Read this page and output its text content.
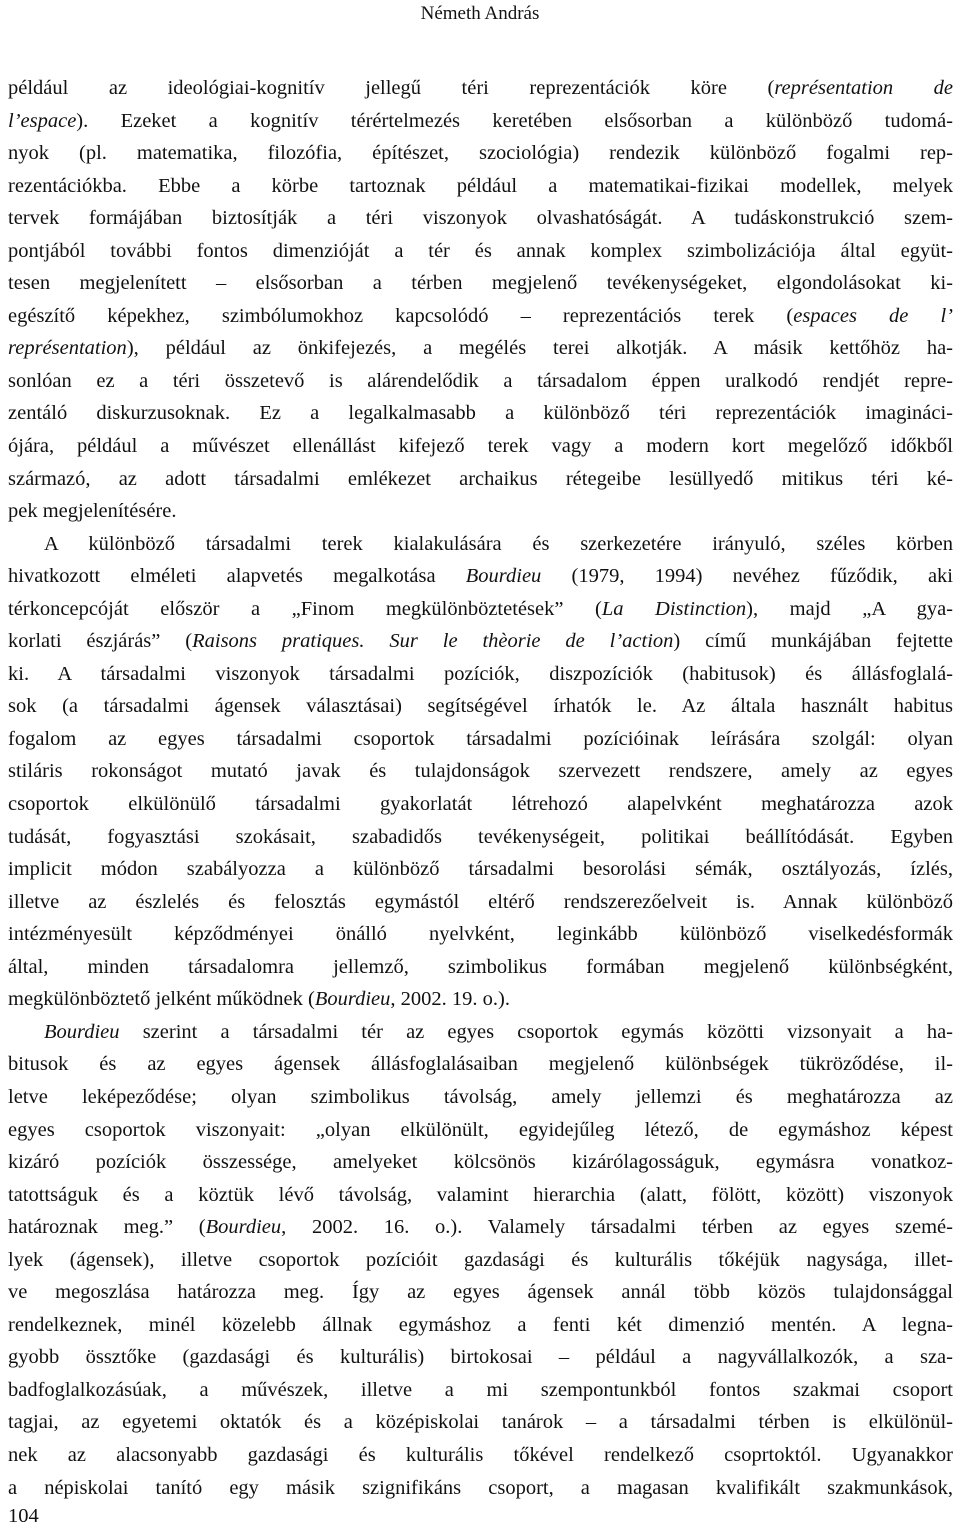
Németh András
például az ideológiai-kognitív jellegű téri reprezentációk köre (représentation de
l’espace). Ezeket a kognitív térértelmezés keretében elsősorban a különböző tudomá-
nyok (pl. matematika, filozófia, építészet, szociológia) rendezik különböző fogalmi rep-
rezentációkba. Ebbe a körbe tartoznak például a matematikai-fizikai modellek, melyek
tervek formájában biztosítják a téri viszonyok olvashatóságát. A tudáskonstrukció szem-
pontjából további fontos dimenzióját a tér és annak komplex szimbolizációja által együt-
tesen megjelenített – elsősorban a térben megjelenő tevékenységeket, elgondolásokat ki-
egészítő képekhez, szimbólumokhoz kapcsolódó – reprezentációs terek (espaces de l’
représentation), például az önkifejezés, a megélés terei alkotják. A másik kettőhöz ha-
sonlóan ez a téri összetevő is alárendelődik a társadalom éppen uralkodó rendjét repre-
zentáló diskurzusoknak. Ez a legalkalmasabb a különböző téri reprezentációk imagináci-
ójára, például a művészet ellenállást kifejező terek vagy a modern kort megelőző időkből
származó, az adott társadalmi emlékezet archaikus rétegeibe lesüllyedő mitikus téri ké-
pek megjelenítésére.
A különböző társadalmi terek kialakulására és szerkezetére irányuló, széles körben
hivatkozott elméleti alapvetés megalkotása Bourdieu (1979, 1994) nevéhez fűződik, aki
térkoncepcóját először a „Finom megkülönböztetések” (La Distinction), majd „A gya-
korlati észjárás” (Raisons pratiques. Sur le thèorie de l’action) című munkájában fejtette
ki. A társadalmi viszonyok társadalmi pozíciók, diszpozíciók (habitusok) és állásfoglalá-
sok (a társadalmi ágensek választásai) segítségével írhatók le. Az általa használt habitus
fogalom az egyes társadalmi csoportok társadalmi pozícióinak leírására szolgál: olyan
stiláris rokonságot mutató javak és tulajdonságok szervezett rendszere, amely az egyes
csoportok elkülönülő társadalmi gyakorlatát létrehozó alapelvként meghatározza azok
tudását, fogyasztási szokásait, szabadidős tevékenységeit, politikai beállítódását. Egyben
implicit módon szabályozza a különböző társadalmi besorolási sémák, osztályozás, ízlés,
illetve az észlelés és felosztás egymástól eltérő rendszerezőelveit is. Annak különböző
intézményesült képződményei önálló nyelvként, leginkább különböző viselkedésformák
által, minden társadalomra jellemző, szimbolikus formában megjelenő különbségként,
megkülönböztető jelként működnek (Bourdieu, 2002. 19. o.).
Bourdieu szerint a társadalmi tér az egyes csoportok egymás közötti vizsonyait a ha-
bitusok és az egyes ágensek állásfoglalásaiban megjelenő különbségek tükröződése, il-
letve leképeződése; olyan szimbolikus távolság, amely jellemzi és meghatározza az
egyes csoportok viszonyait: „olyan elkülönült, egyidejűleg létező, de egymáshoz képest
kizáró pozíciók összessége, amelyeket kölcsönös kizárólagosságuk, egymásra vonatkoz-
tatottságuk és a köztük lévő távolság, valamint hierarchia (alatt, fölött, között) viszonyok
határoznak meg.” (Bourdieu, 2002. 16. o.). Valamely társadalmi térben az egyes szemé-
lyek (ágensek), illetve csoportok pozícióit gazdasági és kulturális tőkéjük nagysága, illet-
ve megoszlása határozza meg. Így az egyes ágensek annál több közös tulajdonsággal
rendelkeznek, minél közelebb állnak egymáshoz a fenti két dimenzió mentén. A legna-
gyobb össztőke (gazdasági és kulturális) birtokosai – például a nagyvállalkozók, a sza-
badfoglalkozásúak, a művészek, illetve a mi szempontunkból fontos szakmai csoport
tagjai, az egyetemi oktatók és a középiskolai tanárok – a társadalmi térben is elkülönül-
nek az alacsonyabb gazdasági és kulturális tőkével rendelkező csoprtoktól. Ugyanakkor
a népiskolai tanító egy másik szignifikáns csoport, a magasan kvalifikált szakmunkások,
104
